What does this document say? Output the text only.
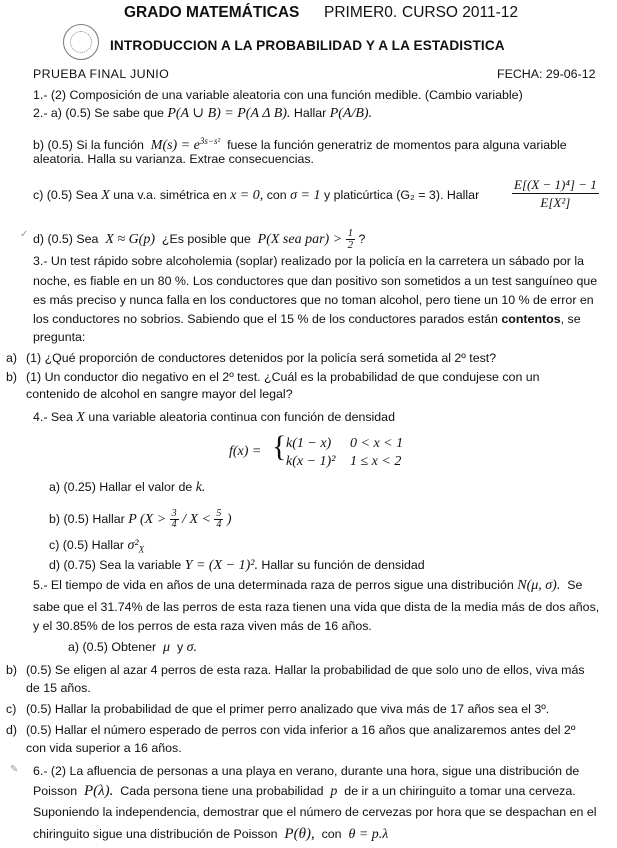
GRADO MATEMÁTICAS PRIMER0. CURSO 2011-12
INTRODUCCION A LA PROBABILIDAD Y A LA ESTADISTICA
PRUEBA FINAL JUNIO	FECHA: 29-06-12
1.- (2) Composición de una variable aleatoria con una función medible. (Cambio variable)
2.- a) (0.5) Se sabe que P(A ∪ B) = P(A Δ B). Hallar P(A/B).
b) (0.5) Si la función $M(s) = e^{3s-s^2}$ fuese la función generatriz de momentos para alguna variable
aleatoria. Halla su varianza. Extrae consecuencias.
c) (0.5) Sea X una v.a. simétrica en x = 0, con σ = 1 y platicúrtica (G₂ = 3). Hallar	$\frac{\text{E[(X − 1)⁴] − 1}}{\text{E[X²]}}$
✓ d) (0.5) Sea X ≈ G(p) ¿Es posible que P(X sea $par) > \frac{1}{2}$ ?
3.- Un test rápido sobre alcoholemia (soplar) realizado por la policía en la carretera un sábado por la
noche, es fiable en un 80 %. Los conductores que dan positivo son sometidos a un test sanguíneo que
es más preciso y nunca falla en los conductores que no toman alcohol, pero tiene un 10 % de error en
los conductores no sobrios. Sabiendo que el 15 % de los conductores parados están contentos, se
pregunta:
a) (1) ¿Qué proporción de conductores detenidos por la policía será sometida al 2º test?
b) (1) Un conductor dio negativo en el 2º test. ¿Cuál es la probabilidad de que condujese con un
contenido de alcohol en sangre mayor del legal?
4.- Sea X una variable aleatoria continua con función de densidad
f(x) = { k(1 − x) 0 < x < 1
k(x − 1)² 1 ≤ x < 2
a) (0.25) Hallar el valor de k.
b) (0.5) Hallar P ($X > \frac{3}{4} / X < \frac{5}{4}$ )
c) (0.5) Hallar $\sigma^2_X$
d) (0.75) Sea la variable Y = (X − 1)². Hallar su función de densidad
5.- El tiempo de vida en años de una determinada raza de perros sigue una distribución N(μ, σ). Se
sabe que el 31.74% de las perros de esta raza tienen una vida que dista de la media más de dos años,
y el 30.85% de los perros de esta raza viven más de 16 años.
a) (0.5) Obtener μ y σ.
b) (0.5) Se eligen al azar 4 perros de esta raza. Hallar la probabilidad de que solo uno de ellos, viva más
de 15 años.
c) (0.5) Hallar la probabilidad de que el primer perro analizado que viva más de 17 años sea el 3º.
d) (0.5) Hallar el número esperado de perros con vida inferior a 16 años que analizaremos antes del 2º
con vida superior a 16 años.
✎ 6.- (2) La afluencia de personas a una playa en verano, durante una hora, sigue una distribución de
Poisson P(λ). Cada persona tiene una probabilidad p de ir a un chiringuito a tomar una cerveza.
Suponiendo la independencia, demostrar que el número de cervezas por hora que se despachan en el
chiringuito sigue una distribución de Poisson P(θ), con θ = p.λ
